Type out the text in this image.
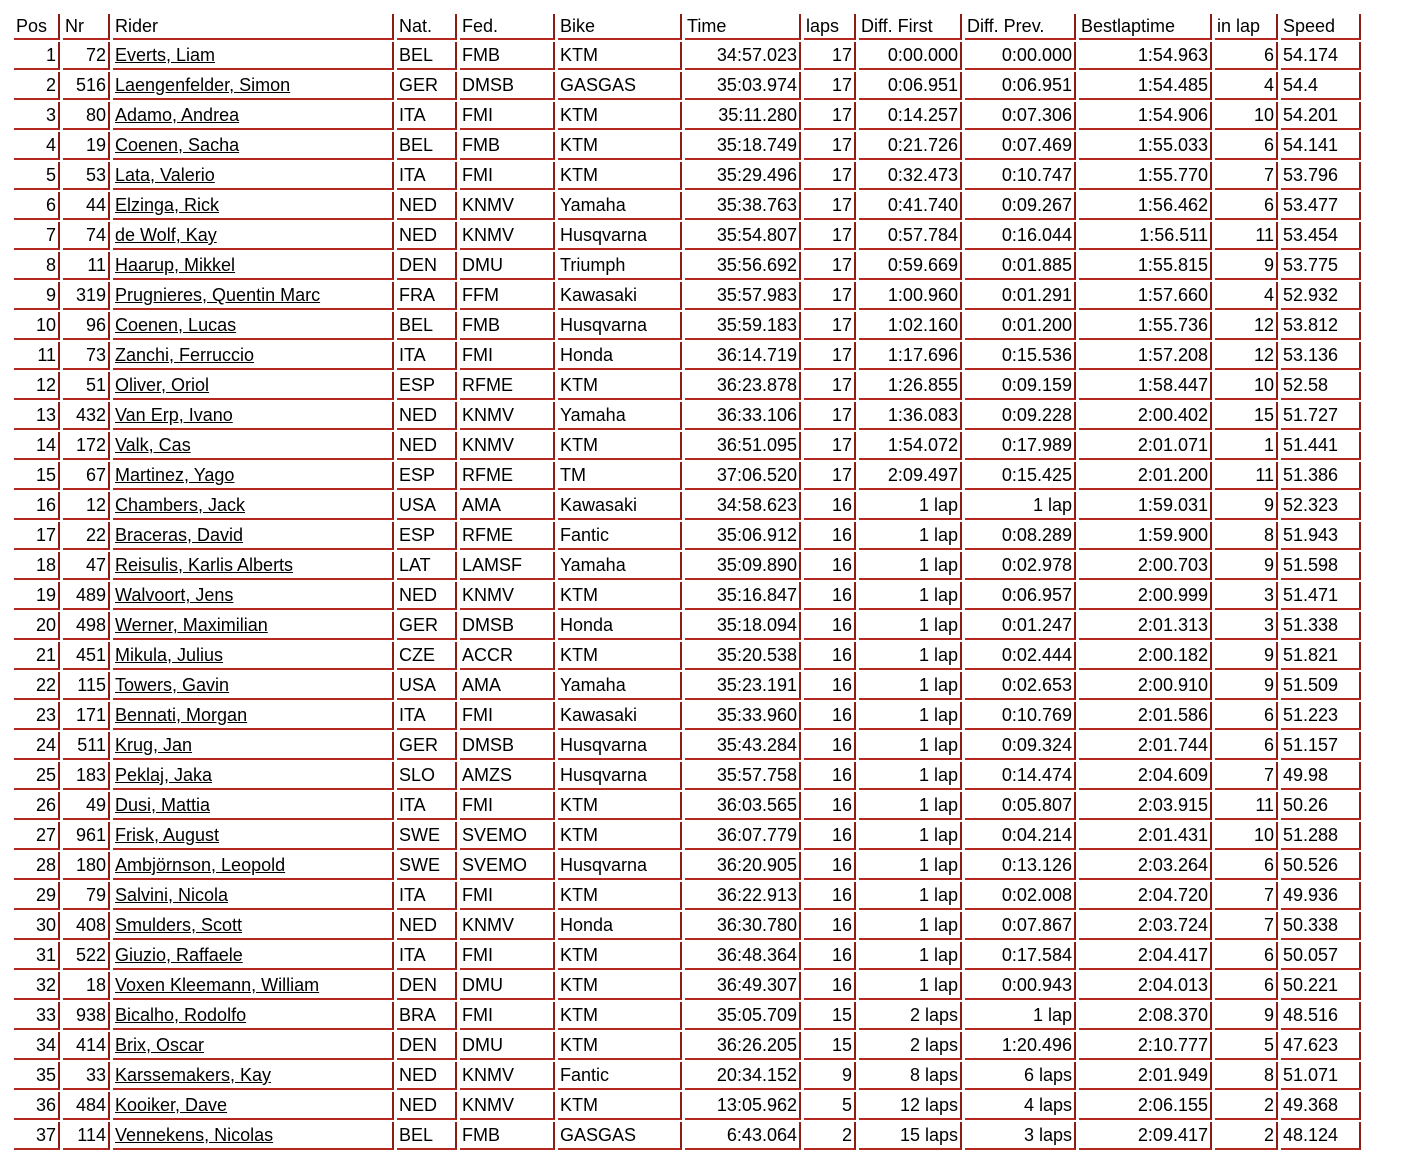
Pos	Nr	Rider	Nat.	Fed.	Bike	Time	laps	Diff. First	Diff. Prev.	Bestlaptime	in lap	Speed
1	72	Everts, Liam	BEL	FMB	KTM	34:57.023	17	0:00.000	0:00.000	1:54.963	6	54.174
2	516	Laengenfelder, Simon	GER	DMSB	GASGAS	35:03.974	17	0:06.951	0:06.951	1:54.485	4	54.4
3	80	Adamo, Andrea	ITA	FMI	KTM	35:11.280	17	0:14.257	0:07.306	1:54.906	10	54.201
4	19	Coenen, Sacha	BEL	FMB	KTM	35:18.749	17	0:21.726	0:07.469	1:55.033	6	54.141
5	53	Lata, Valerio	ITA	FMI	KTM	35:29.496	17	0:32.473	0:10.747	1:55.770	7	53.796
6	44	Elzinga, Rick	NED	KNMV	Yamaha	35:38.763	17	0:41.740	0:09.267	1:56.462	6	53.477
7	74	de Wolf, Kay	NED	KNMV	Husqvarna	35:54.807	17	0:57.784	0:16.044	1:56.511	11	53.454
8	11	Haarup, Mikkel	DEN	DMU	Triumph	35:56.692	17	0:59.669	0:01.885	1:55.815	9	53.775
9	319	Prugnieres, Quentin Marc	FRA	FFM	Kawasaki	35:57.983	17	1:00.960	0:01.291	1:57.660	4	52.932
10	96	Coenen, Lucas	BEL	FMB	Husqvarna	35:59.183	17	1:02.160	0:01.200	1:55.736	12	53.812
11	73	Zanchi, Ferruccio	ITA	FMI	Honda	36:14.719	17	1:17.696	0:15.536	1:57.208	12	53.136
12	51	Oliver, Oriol	ESP	RFME	KTM	36:23.878	17	1:26.855	0:09.159	1:58.447	10	52.58
13	432	Van Erp, Ivano	NED	KNMV	Yamaha	36:33.106	17	1:36.083	0:09.228	2:00.402	15	51.727
14	172	Valk, Cas	NED	KNMV	KTM	36:51.095	17	1:54.072	0:17.989	2:01.071	1	51.441
15	67	Martinez, Yago	ESP	RFME	TM	37:06.520	17	2:09.497	0:15.425	2:01.200	11	51.386
16	12	Chambers, Jack	USA	AMA	Kawasaki	34:58.623	16	1 lap	1 lap	1:59.031	9	52.323
17	22	Braceras, David	ESP	RFME	Fantic	35:06.912	16	1 lap	0:08.289	1:59.900	8	51.943
18	47	Reisulis, Karlis Alberts	LAT	LAMSF	Yamaha	35:09.890	16	1 lap	0:02.978	2:00.703	9	51.598
19	489	Walvoort, Jens	NED	KNMV	KTM	35:16.847	16	1 lap	0:06.957	2:00.999	3	51.471
20	498	Werner, Maximilian	GER	DMSB	Honda	35:18.094	16	1 lap	0:01.247	2:01.313	3	51.338
21	451	Mikula, Julius	CZE	ACCR	KTM	35:20.538	16	1 lap	0:02.444	2:00.182	9	51.821
22	115	Towers, Gavin	USA	AMA	Yamaha	35:23.191	16	1 lap	0:02.653	2:00.910	9	51.509
23	171	Bennati, Morgan	ITA	FMI	Kawasaki	35:33.960	16	1 lap	0:10.769	2:01.586	6	51.223
24	511	Krug, Jan	GER	DMSB	Husqvarna	35:43.284	16	1 lap	0:09.324	2:01.744	6	51.157
25	183	Peklaj, Jaka	SLO	AMZS	Husqvarna	35:57.758	16	1 lap	0:14.474	2:04.609	7	49.98
26	49	Dusi, Mattia	ITA	FMI	KTM	36:03.565	16	1 lap	0:05.807	2:03.915	11	50.26
27	961	Frisk, August	SWE	SVEMO	KTM	36:07.779	16	1 lap	0:04.214	2:01.431	10	51.288
28	180	Ambjörnson, Leopold	SWE	SVEMO	Husqvarna	36:20.905	16	1 lap	0:13.126	2:03.264	6	50.526
29	79	Salvini, Nicola	ITA	FMI	KTM	36:22.913	16	1 lap	0:02.008	2:04.720	7	49.936
30	408	Smulders, Scott	NED	KNMV	Honda	36:30.780	16	1 lap	0:07.867	2:03.724	7	50.338
31	522	Giuzio, Raffaele	ITA	FMI	KTM	36:48.364	16	1 lap	0:17.584	2:04.417	6	50.057
32	18	Voxen Kleemann, William	DEN	DMU	KTM	36:49.307	16	1 lap	0:00.943	2:04.013	6	50.221
33	938	Bicalho, Rodolfo	BRA	FMI	KTM	35:05.709	15	2 laps	1 lap	2:08.370	9	48.516
34	414	Brix, Oscar	DEN	DMU	KTM	36:26.205	15	2 laps	1:20.496	2:10.777	5	47.623
35	33	Karssemakers, Kay	NED	KNMV	Fantic	20:34.152	9	8 laps	6 laps	2:01.949	8	51.071
36	484	Kooiker, Dave	NED	KNMV	KTM	13:05.962	5	12 laps	4 laps	2:06.155	2	49.368
37	114	Vennekens, Nicolas	BEL	FMB	GASGAS	6:43.064	2	15 laps	3 laps	2:09.417	2	48.124
